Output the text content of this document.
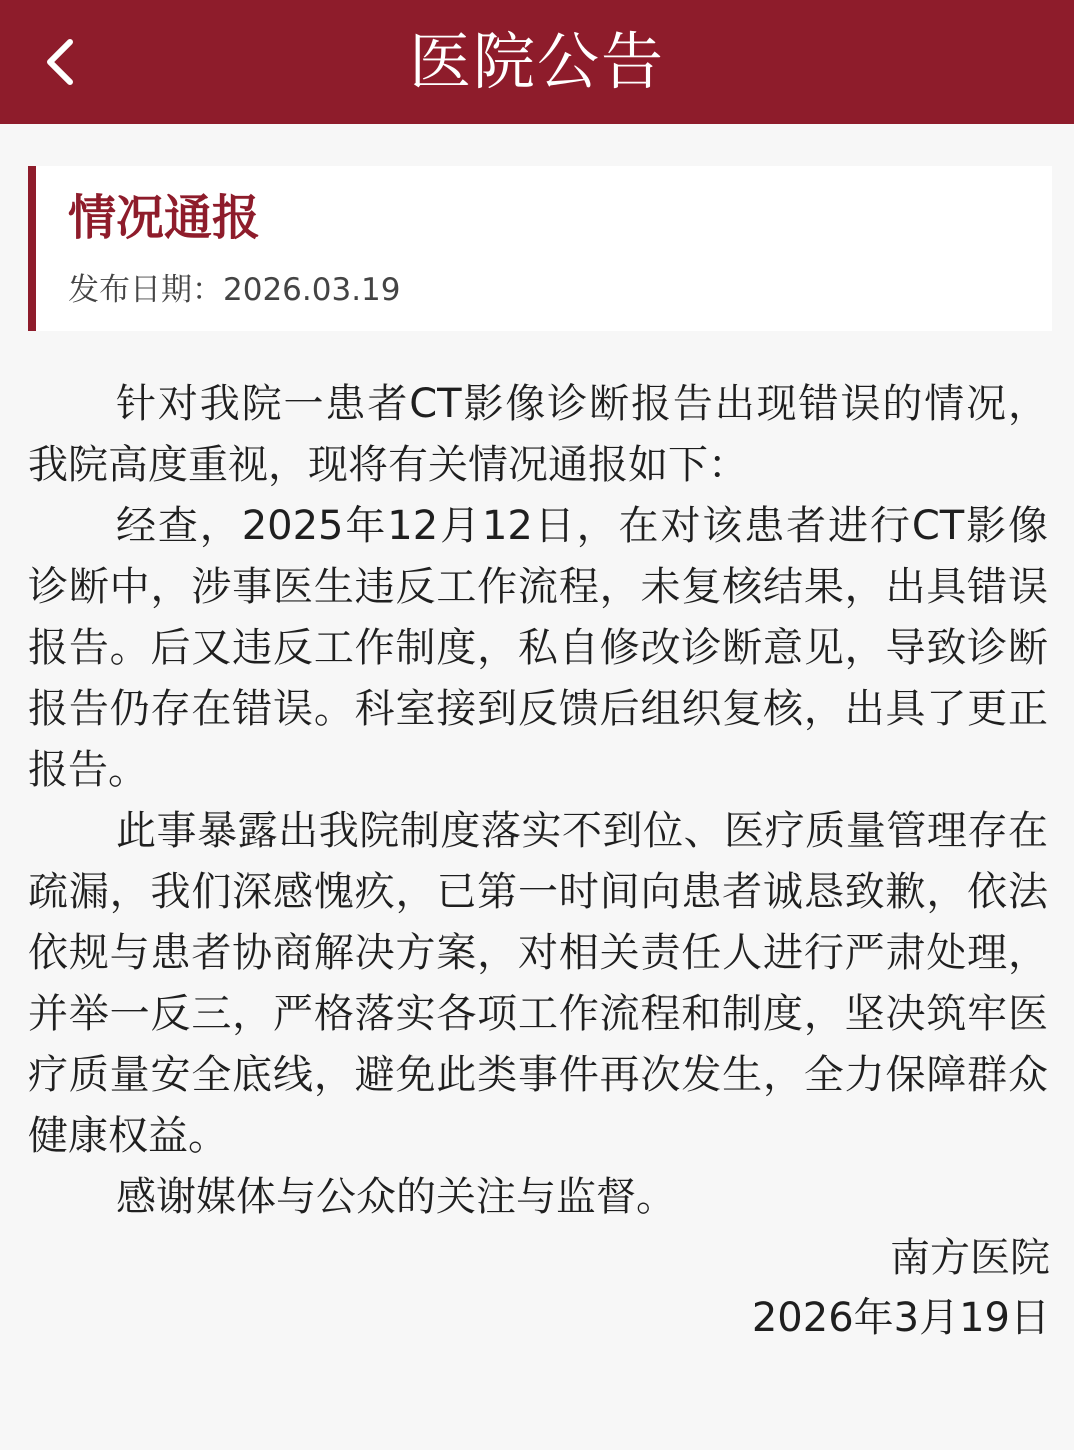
医院公告
情况通报
发布日期：2026.03.19

针对我院一患者CT影像诊断报告出现错误的情况，我院高度重视，现将有关情况通报如下：

经查，2025年12月12日，在对该患者进行CT影像诊断中，涉事医生违反工作流程，未复核结果，出具错误报告。后又违反工作制度，私自修改诊断意见，导致诊断报告仍存在错误。科室接到反馈后组织复核，出具了更正报告。

此事暴露出我院制度落实不到位、医疗质量管理存在疏漏，我们深感愧疚，已第一时间向患者诚恳致歉，依法依规与患者协商解决方案，对相关责任人进行严肃处理，并举一反三，严格落实各项工作流程和制度，坚决筑牢医疗质量安全底线，避免此类事件再次发生，全力保障群众健康权益。

感谢媒体与公众的关注与监督。

南方医院
2026年3月19日
